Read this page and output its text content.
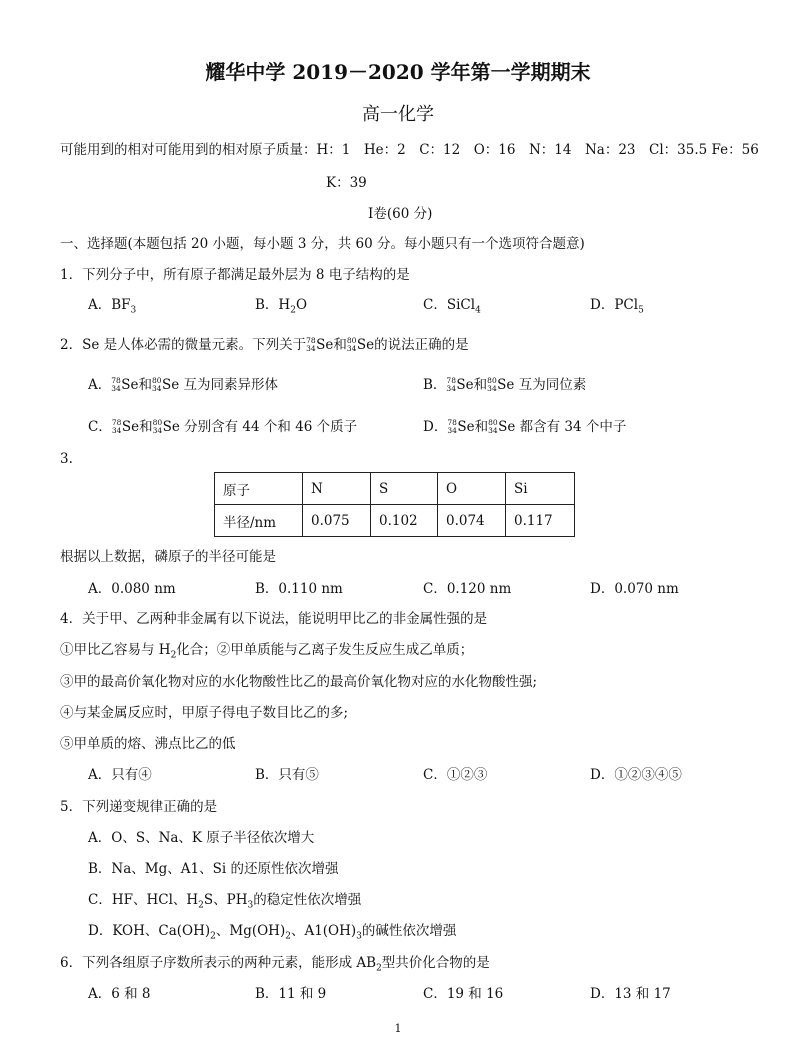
耀华中学 2019－2020 学年第一学期期末
高一化学
可能用到的相对可能用到的相对原子质量：H：1　He：2　C：12　O：16　N：14　Na：23　Cl：35.5 Fe：56
K：39
Ⅰ卷(60 分)
一、选择题(本题包括 20 小题，每小题 3 分，共 60 分。每小题只有一个选项符合题意)
1．下列分子中，所有原子都满足最外层为 8 电子结构的是
A．$BF_3$	B．$H_2O$	C．SiCl$_4$	D．PCl$_5$
2．Se 是人体必需的微量元素。下列关于 78
34 Se和 80
34 Se的说法正确的是
A． 78
34 Se和 80
34 Se 互为同素异形体	B． 78
34 Se和 80
34 Se 互为同位素
C． 78
34 Se和 80
34 Se 分别含有 44 个和 46 个质子	D． 78
34 Se和 80
34 Se 都含有 34 个中子
3.
原子	N	S	O	Si
半径/nm	0.075	0.102	0.074	0.117
根据以上数据，磷原子的半径可能是
A．0.080 nm	B．0.110 nm	C．0.120 nm	D．0.070 nm
4．关于甲、乙两种非金属有以下说法，能说明甲比乙的非金属性强的是
①甲比乙容易与 $H_2$化合；②甲单质能与乙离子发生反应生成乙单质；
③甲的最高价氧化物对应的水化物酸性比乙的最高价氧化物对应的水化物酸性强;
④与某金属反应时，甲原子得电子数目比乙的多;
⑤甲单质的熔、沸点比乙的低
A．只有④	B．只有⑤	C．①②③	D．①②③④⑤
5．下列递变规律正确的是
A．O、S、Na、K 原子半径依次增大
B．Na、Mg、A1、Si 的还原性依次增强
C．HF、HCl、$H_2S$、$PH_3$的稳定性依次增强
D．KOH、$Ca(OH)_2$、$Mg(OH)_2$、$A1(OH)_3$的碱性依次增强
6．下列各组原子序数所表示的两种元素，能形成 $AB_2$型共价化合物的是
A．6 和 8	B．11 和 9	C．19 和 16	D．13 和 17
1
